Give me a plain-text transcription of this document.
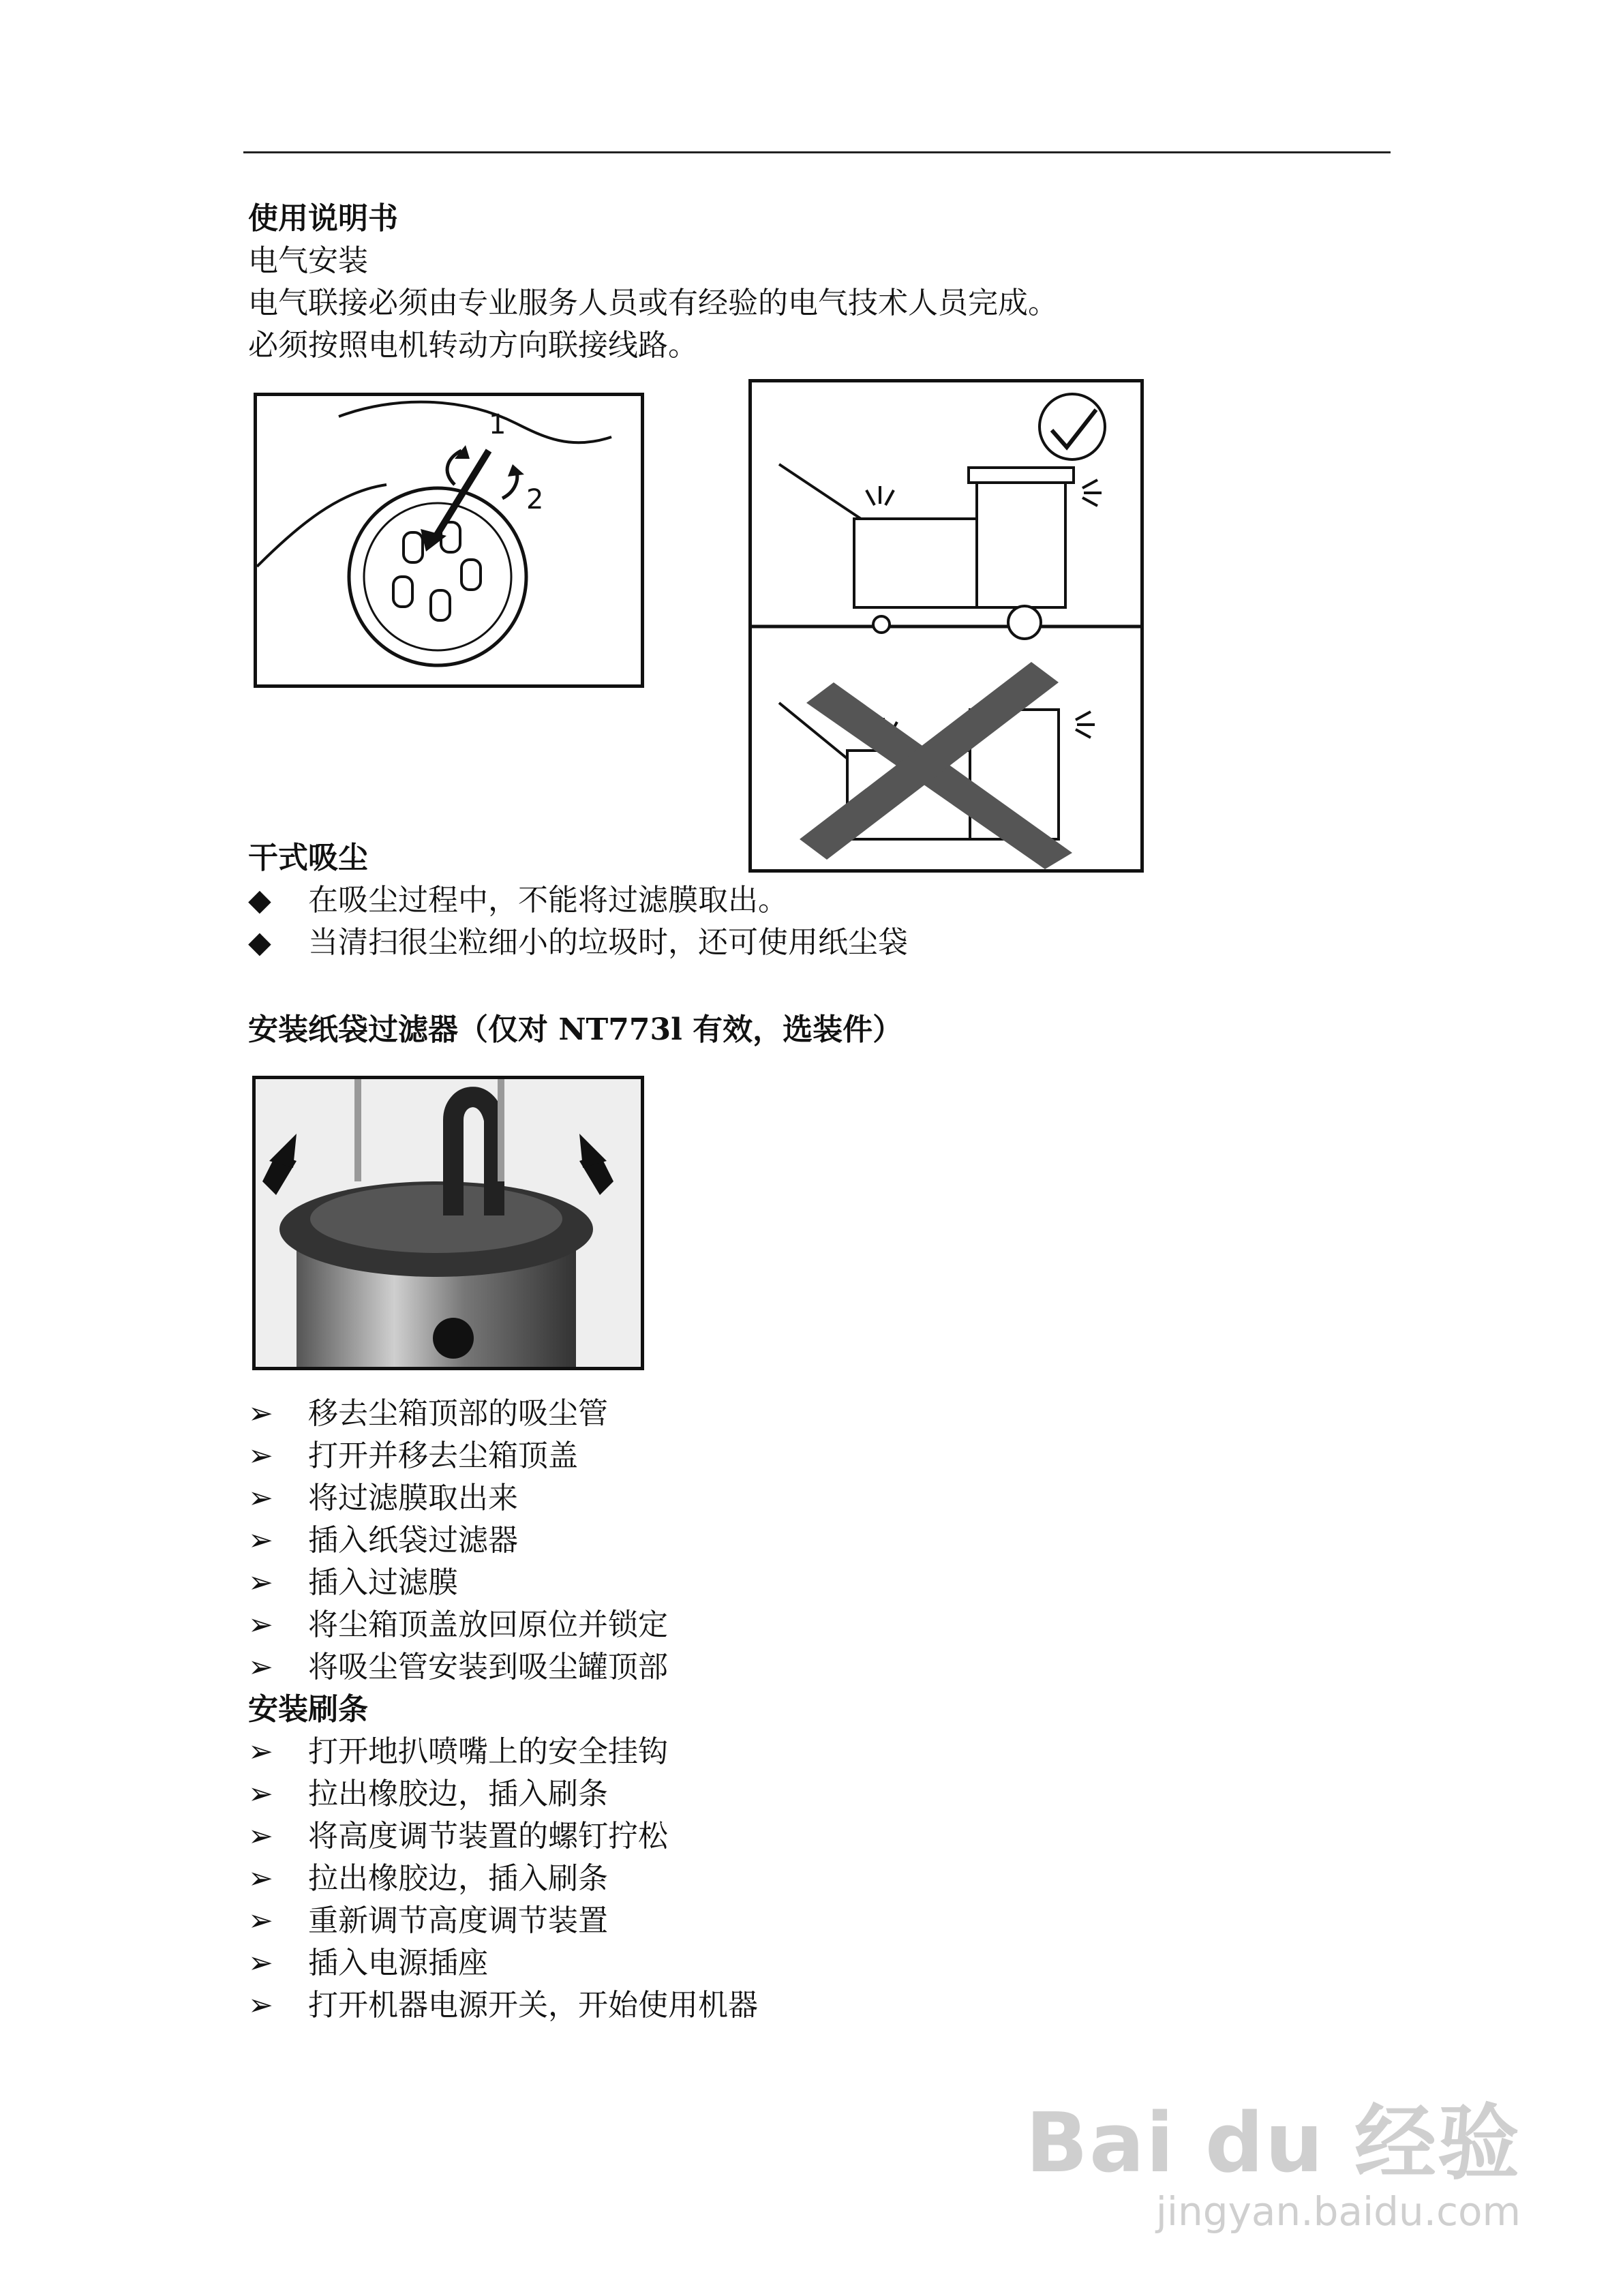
使用说明书
电气安装
电气联接必须由专业服务人员或有经验的电气技术人员完成。
必须按照电机转动方向联接线路。
1
2
干式吸尘
◆ 在吸尘过程中，不能将过滤膜取出。
◆ 当清扫很尘粒细小的垃圾时，还可使用纸尘袋
安装纸袋过滤器（仅对 NT773l 有效，选装件）
➢ 移去尘箱顶部的吸尘管
➢ 打开并移去尘箱顶盖
➢ 将过滤膜取出来
➢ 插入纸袋过滤器
➢ 插入过滤膜
➢ 将尘箱顶盖放回原位并锁定
➢ 将吸尘管安装到吸尘罐顶部
安装刷条
➢ 打开地扒喷嘴上的安全挂钩
➢ 拉出橡胶边，插入刷条
➢ 将高度调节装置的螺钉拧松
➢ 拉出橡胶边，插入刷条
➢ 重新调节高度调节装置
➢ 插入电源插座
➢ 打开机器电源开关，开始使用机器
Bai du 经验
jingyan.baidu.com
